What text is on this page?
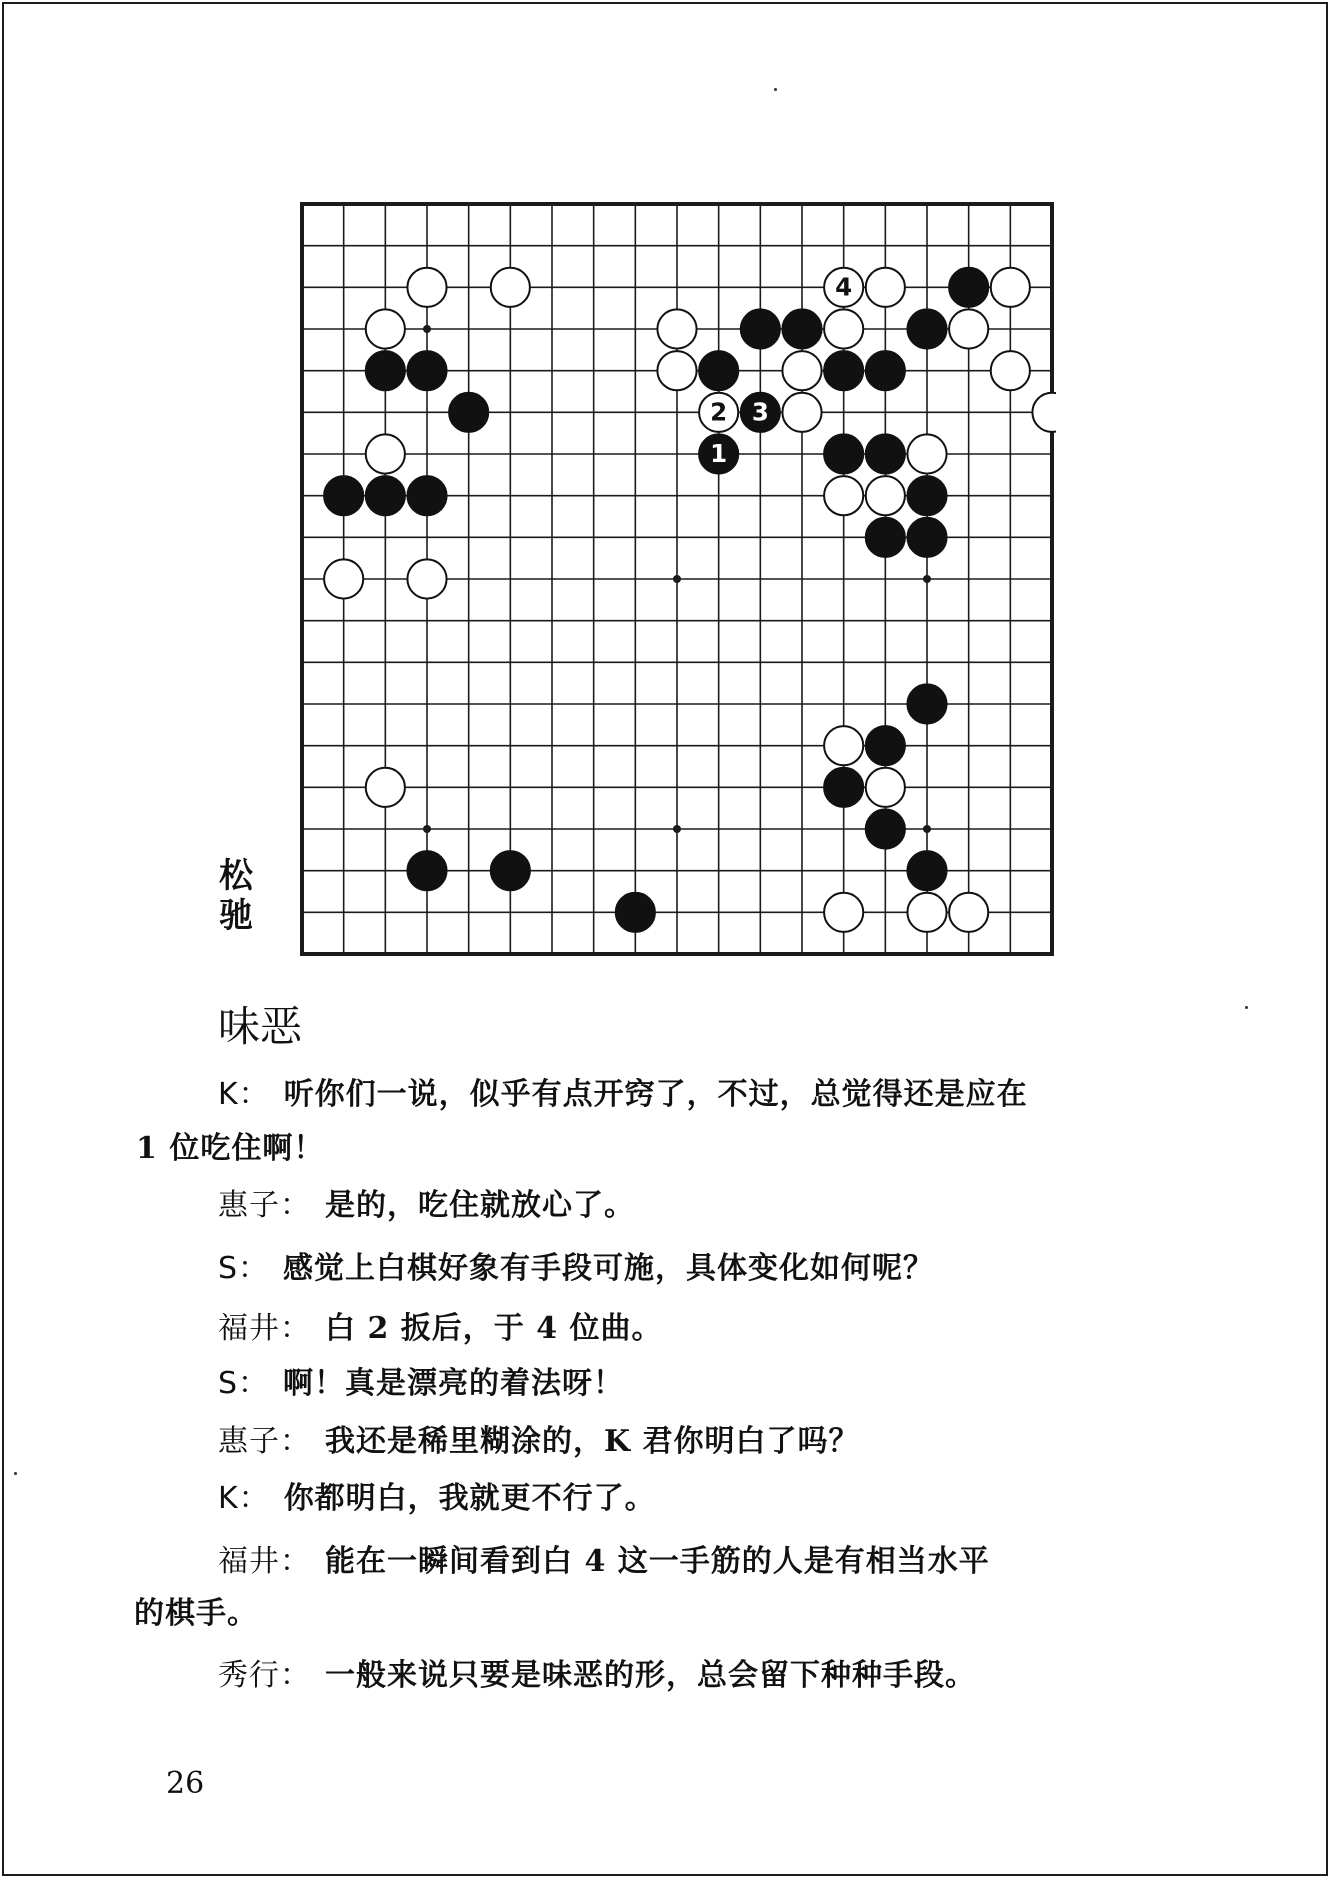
4
2 3
1
松
驰
味恶
K： 听你们一说，似乎有点开窍了，不过，总觉得还是应在
1 位吃住啊！
惠子： 是的，吃住就放心了。
S： 感觉上白棋好象有手段可施，具体变化如何呢？
福井： 白 2 扳后，于 4 位曲。
S： 啊！真是漂亮的着法呀！
惠子： 我还是稀里糊涂的，K 君你明白了吗？
K： 你都明白，我就更不行了。
福井： 能在一瞬间看到白 4 这一手筋的人是有相当水平
的棋手。
秀行： 一般来说只要是味恶的形，总会留下种种手段。
26
